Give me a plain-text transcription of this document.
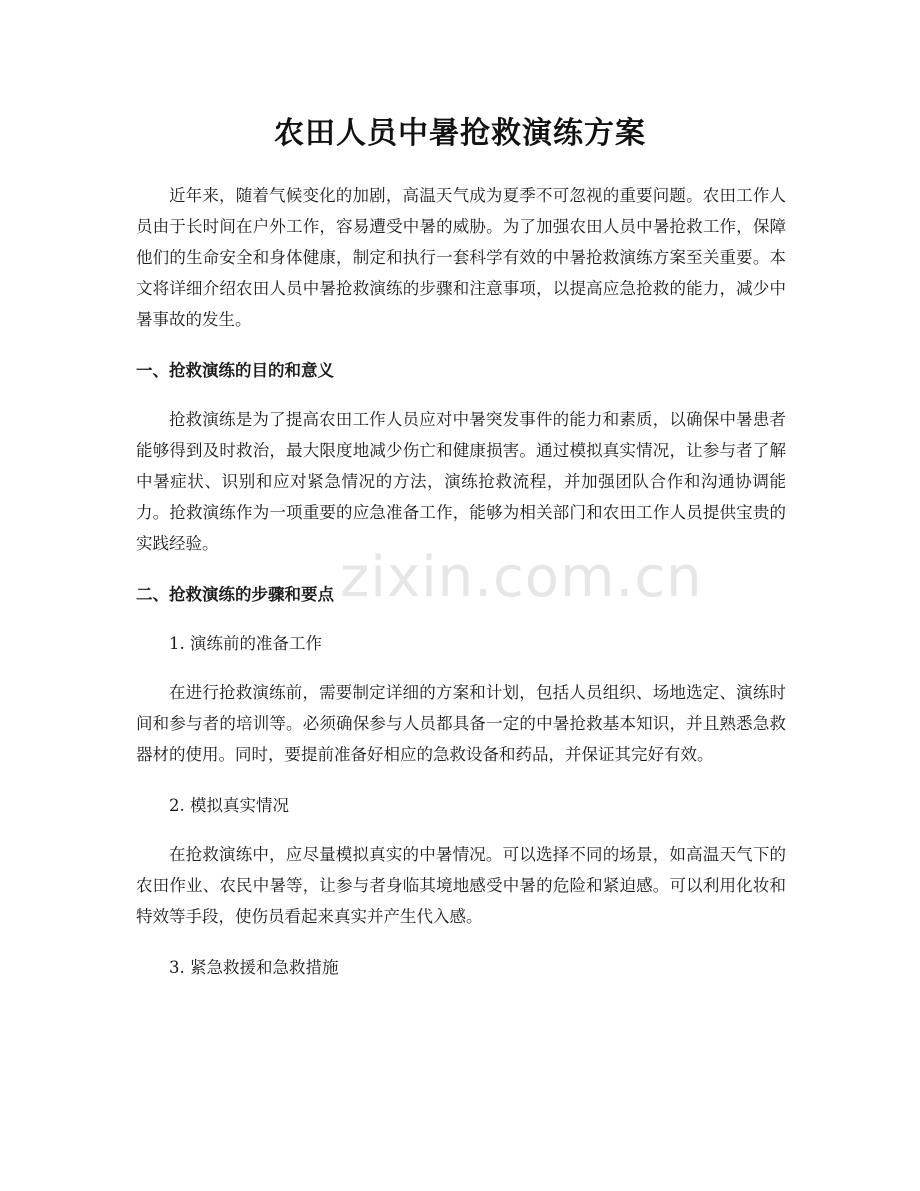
农田人员中暑抢救演练方案

近年来，随着气候变化的加剧，高温天气成为夏季不可忽视的重要问题。农田工作人员由于长时间在户外工作，容易遭受中暑的威胁。为了加强农田人员中暑抢救工作，保障他们的生命安全和身体健康，制定和执行一套科学有效的中暑抢救演练方案至关重要。本文将详细介绍农田人员中暑抢救演练的步骤和注意事项，以提高应急抢救的能力，减少中暑事故的发生。

一、抢救演练的目的和意义

抢救演练是为了提高农田工作人员应对中暑突发事件的能力和素质，以确保中暑患者能够得到及时救治，最大限度地减少伤亡和健康损害。通过模拟真实情况，让参与者了解中暑症状、识别和应对紧急情况的方法，演练抢救流程，并加强团队合作和沟通协调能力。抢救演练作为一项重要的应急准备工作，能够为相关部门和农田工作人员提供宝贵的实践经验。

二、抢救演练的步骤和要点

1. 演练前的准备工作

在进行抢救演练前，需要制定详细的方案和计划，包括人员组织、场地选定、演练时间和参与者的培训等。必须确保参与人员都具备一定的中暑抢救基本知识，并且熟悉急救器材的使用。同时，要提前准备好相应的急救设备和药品，并保证其完好有效。

2. 模拟真实情况

在抢救演练中，应尽量模拟真实的中暑情况。可以选择不同的场景，如高温天气下的农田作业、农民中暑等，让参与者身临其境地感受中暑的危险和紧迫感。可以利用化妆和特效等手段，使伤员看起来真实并产生代入感。

3. 紧急救援和急救措施

zixin.com.cn
